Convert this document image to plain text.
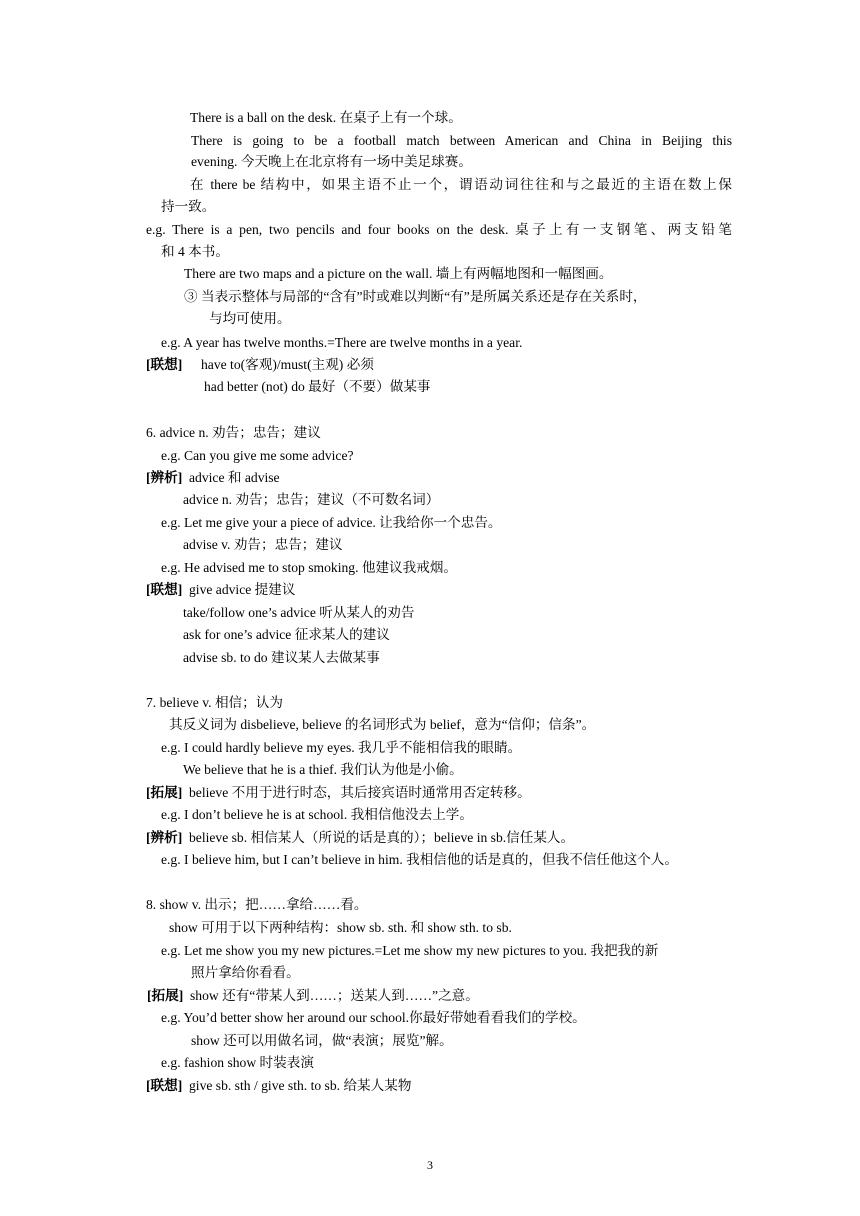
There is a ball on the desk. 在桌子上有一个球。
There is going to be a football match between American and China in Beijing this
evening. 今天晚上在北京将有一场中美足球赛。
在 there be 结构中，如果主语不止一个，谓语动词往往和与之最近的主语在数上保
持一致。
e.g. There is a pen, two pencils and four books on the desk. 桌子上有一支钢笔、两支铅笔
和 4 本书。
There are two maps and a picture on the wall. 墙上有两幅地图和一幅图画。
③ 当表示整体与局部的“含有”时或难以判断“有”是所属关系还是存在关系时，
与均可使用。
e.g. A year has twelve months.=There are twelve months in a year.
[联想] have to(客观)/must(主观) 必须
had better (not) do 最好（不要）做某事
6. advice n. 劝告；忠告；建议
e.g. Can you give me some advice?
[辨析] advice 和 advise
advice n. 劝告；忠告；建议（不可数名词）
e.g. Let me give your a piece of advice. 让我给你一个忠告。
advise v. 劝告；忠告；建议
e.g. He advised me to stop smoking. 他建议我戒烟。
[联想] give advice 提建议
take/follow one’s advice 听从某人的劝告
ask for one’s advice 征求某人的建议
advise sb. to do 建议某人去做某事
7. believe v. 相信；认为
其反义词为 disbelieve, believe 的名词形式为 belief，意为“信仰；信条”。
e.g. I could hardly believe my eyes. 我几乎不能相信我的眼睛。
We believe that he is a thief. 我们认为他是小偷。
[拓展] believe 不用于进行时态，其后接宾语时通常用否定转移。
e.g. I don’t believe he is at school. 我相信他没去上学。
[辨析] believe sb. 相信某人（所说的话是真的）；believe in sb.信任某人。
e.g. I believe him, but I can’t believe in him. 我相信他的话是真的，但我不信任他这个人。
8. show v. 出示；把……拿给……看。
show 可用于以下两种结构：show sb. sth. 和 show sth. to sb.
e.g. Let me show you my new pictures.=Let me show my new pictures to you. 我把我的新
照片拿给你看看。
[拓展] show 还有“带某人到……；送某人到……”之意。
e.g. You’d better show her around our school.你最好带她看看我们的学校。
show 还可以用做名词，做“表演；展览”解。
e.g. fashion show 时装表演
[联想] give sb. sth / give sth. to sb. 给某人某物
3
